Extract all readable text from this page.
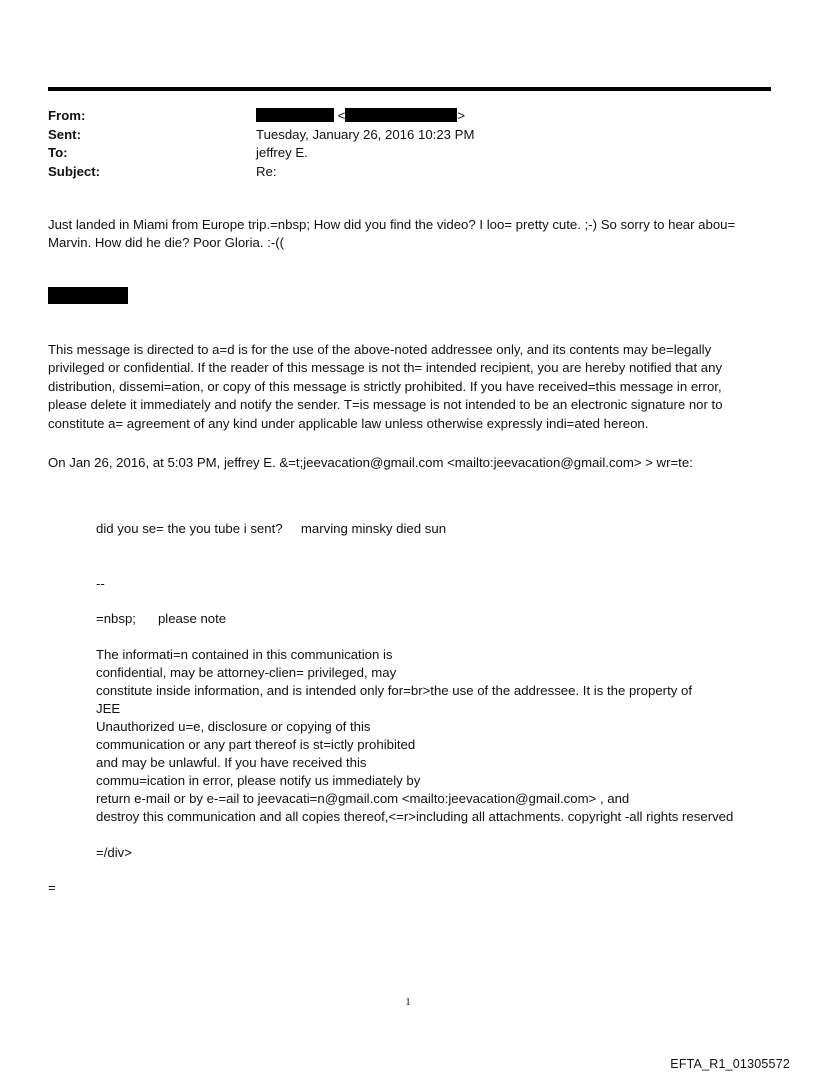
From:	<	>
Sent:	Tuesday, January 26, 2016 10:23 PM
To:	jeffrey E.
Subject:	Re:
Just landed in Miami from Europe trip.=nbsp; How did you find the video? I loo= pretty cute. ;-) So sorry to hear abou=
Marvin. How did he die? Poor Gloria. :-((
This message is directed to a=d is for the use of the above-noted addressee only, and its contents may be=legally
privileged or confidential. If the reader of this message is not th= intended recipient, you are hereby notified that any
distribution, dissemi=ation, or copy of this message is strictly prohibited. If you have received=this message in error,
please delete it immediately and notify the sender. T=is message is not intended to be an electronic signature nor to
constitute a= agreement of any kind under applicable law unless otherwise expressly indi=ated hereon.
On Jan 26, 2016, at 5:03 PM, jeffrey E. &=t;jeevacation@gmail.com <mailto:jeevacation@gmail.com> > wr=te:
did you se= the you tube i sent?     marving minsky died sun
--
=nbsp;      please note
The informati=n contained in this communication is
confidential, may be attorney-clien= privileged, may
constitute inside information, and is intended only for=br>the use of the addressee. It is the property of
JEE
Unauthorized u=e, disclosure or copying of this
communication or any part thereof is st=ictly prohibited
and may be unlawful. If you have received this
commu=ication in error, please notify us immediately by
return e-mail or by e-=ail to jeevacati=n@gmail.com <mailto:jeevacation@gmail.com> , and
destroy this communication and all copies thereof,<=r>including all attachments. copyright -all rights reserved
=/div>
=
1
EFTA_R1_01305572
